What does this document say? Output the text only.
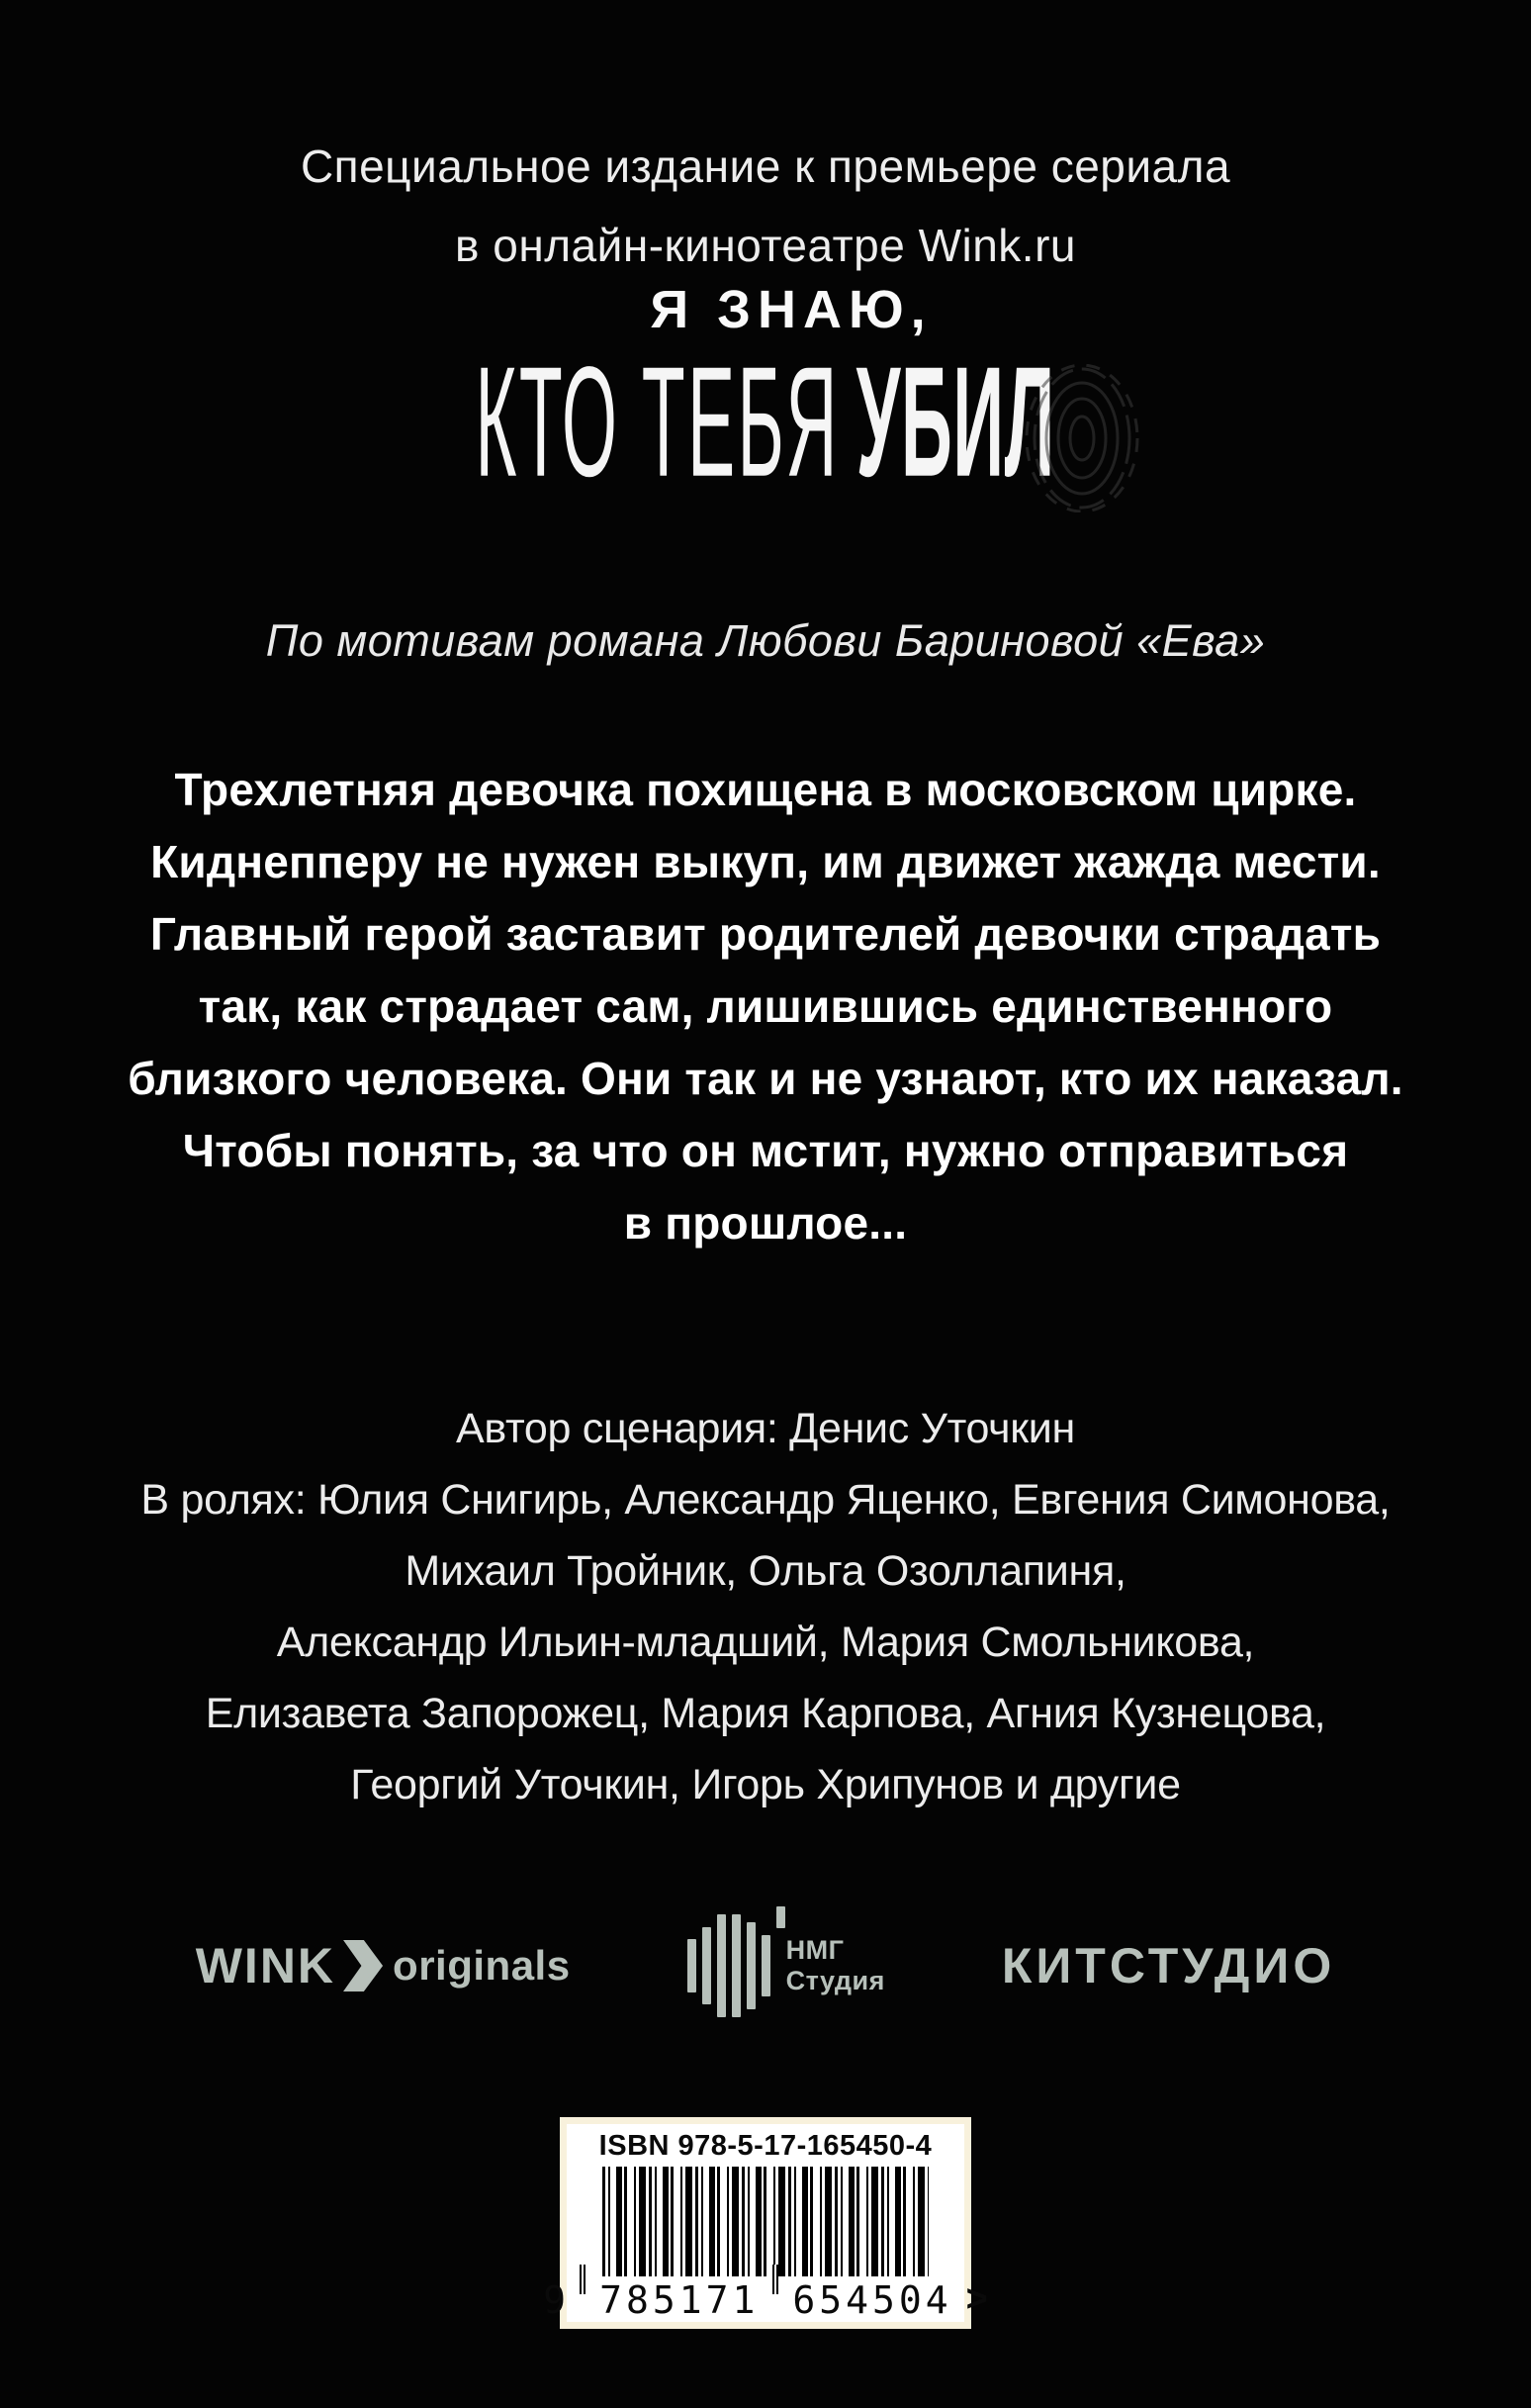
Специальное издание к премьере сериала
в онлайн-кинотеатре Wink.ru
Я ЗНАЮ,
КТО ТЕБЯ УБИЛ
По мотивам романа Любови Бариновой «Ева»
Трехлетняя девочка похищена в московском цирке.
Киднепперу не нужен выкуп, им движет жажда мести.
Главный герой заставит родителей девочки страдать
так, как страдает сам, лишившись единственного
близкого человека. Они так и не узнают, кто их наказал.
Чтобы понять, за что он мстит, нужно отправиться
в прошлое...
Автор сценария: Денис Уточкин
В ролях: Юлия Снигирь, Александр Яценко, Евгения Симонова,
Михаил Тройник, Ольга Озоллапиня,
Александр Ильин-младший, Мария Смольникова,
Елизавета Запорожец, Мария Карпова, Агния Кузнецова,
Георгий Уточкин, Игорь Хрипунов и другие
WINK originals	НМГ
Студия КИТСТУДИО
ISBN 978-5-17-165450-4
9 785171 654504 >
